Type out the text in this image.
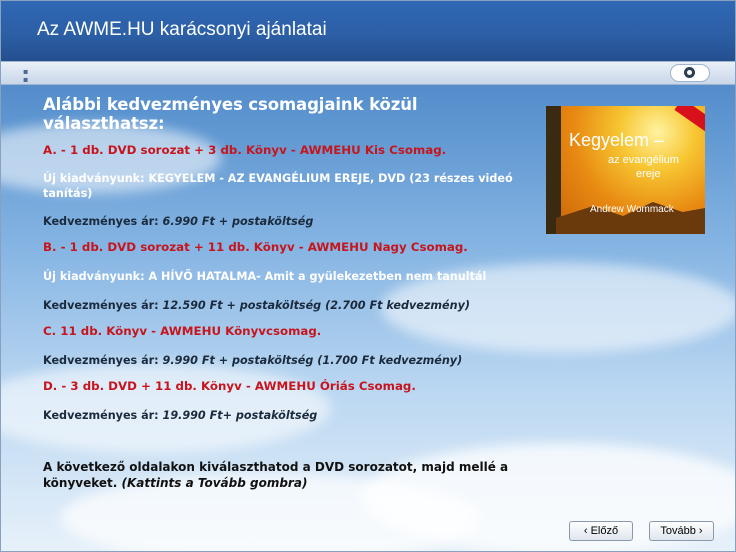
Az AWME.HU karácsonyi ajánlatai
▪
▪
Alábbi kedvezményes csomagjaink közül választhatsz:
A. - 1 db. DVD sorozat + 3 db. Könyv - AWMEHU Kis Csomag.
Új kiadványunk: KEGYELEM - AZ EVANGÉLIUM EREJE, DVD (23 részes videó tanítás)
Kedvezményes ár: 6.990 Ft + postaköltség
B. - 1 db. DVD sorozat + 11 db. Könyv - AWMEHU Nagy Csomag.
Új kiadványunk: A HÍVŐ HATALMA- Amit a gyülekezetben nem tanultál
Kedvezményes ár: 12.590 Ft + postaköltség (2.700 Ft kedvezmény)
C. 11 db. Könyv - AWMEHU Könyvcsomag.
Kedvezményes ár: 9.990 Ft + postaköltség (1.700 Ft kedvezmény)
D. - 3 db. DVD + 11 db. Könyv - AWMEHU Óriás Csomag.
Kedvezményes ár: 19.990 Ft+ postaköltség
A következő oldalakon kiválaszthatod a DVD sorozatot, majd mellé a könyveket. (Kattints a Tovább gombra)
Kegyelem –
az evangélium
ereje
Andrew Wommack
‹ Előző	Tovább ›
